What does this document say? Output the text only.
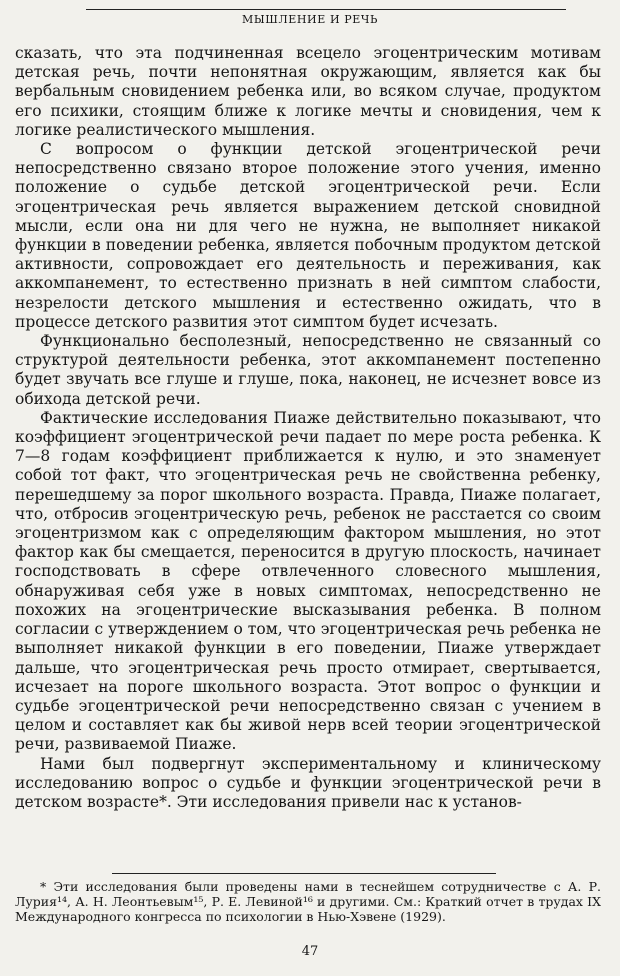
МЫШЛЕНИЕ И РЕЧЬ

сказать, что эта подчиненная всецело эгоцентрическим мотивам детская речь, почти непонятная окружающим, является как бы вербальным сновидением ребенка или, во всяком случае, продуктом его психики, стоящим ближе к логике мечты и сновидения, чем к логике реалистического мышления.

С вопросом о функции детской эгоцентрической речи непосредственно связано второе положение этого учения, именно положение о судьбе детской эгоцентрической речи. Если эгоцентрическая речь является выражением детской сновидной мысли, если она ни для чего не нужна, не выполняет никакой функции в поведении ребенка, является побочным продуктом детской активности, сопровождает его деятельность и переживания, как аккомпанемент, то естественно признать в ней симптом слабости, незрелости детского мышления и естественно ожидать, что в процессе детского развития этот симптом будет исчезать.

Функционально бесполезный, непосредственно не связанный со структурой деятельности ребенка, этот аккомпанемент постепенно будет звучать все глуше и глуше, пока, наконец, не исчезнет вовсе из обихода детской речи.

Фактические исследования Пиаже действительно показывают, что коэффициент эгоцентрической речи падает по мере роста ребенка. К 7—8 годам коэффициент приближается к нулю, и это знаменует собой тот факт, что эгоцентрическая речь не свойственна ребенку, перешедшему за порог школьного возраста. Правда, Пиаже полагает, что, отбросив эгоцентрическую речь, ребенок не расстается со своим эгоцентризмом как с определяющим фактором мышления, но этот фактор как бы смещается, переносится в другую плоскость, начинает господствовать в сфере отвлеченного словесного мышления, обнаруживая себя уже в новых симптомах, непосредственно не похожих на эгоцентрические высказывания ребенка. В полном согласии с утверждением о том, что эгоцентрическая речь ребенка не выполняет никакой функции в его поведении, Пиаже утверждает дальше, что эгоцентрическая речь просто отмирает, свертывается, исчезает на пороге школьного возраста. Этот вопрос о функции и судьбе эгоцентрической речи непосредственно связан с учением в целом и составляет как бы живой нерв всей теории эгоцентрической речи, развиваемой Пиаже.

Нами был подвергнут экспериментальному и клиническому исследованию вопрос о судьбе и функции эгоцентрической речи в детском возрасте*. Эти исследования привели нас к установ-

* Эти исследования были проведены нами в теснейшем сотрудничестве с А. Р. Лурия¹⁴, А. Н. Леонтьевым¹⁵, Р. Е. Левиной¹⁶ и другими. См.: Краткий отчет в трудах IX Международного конгресса по психологии в Нью-Хэвене (1929).

47
